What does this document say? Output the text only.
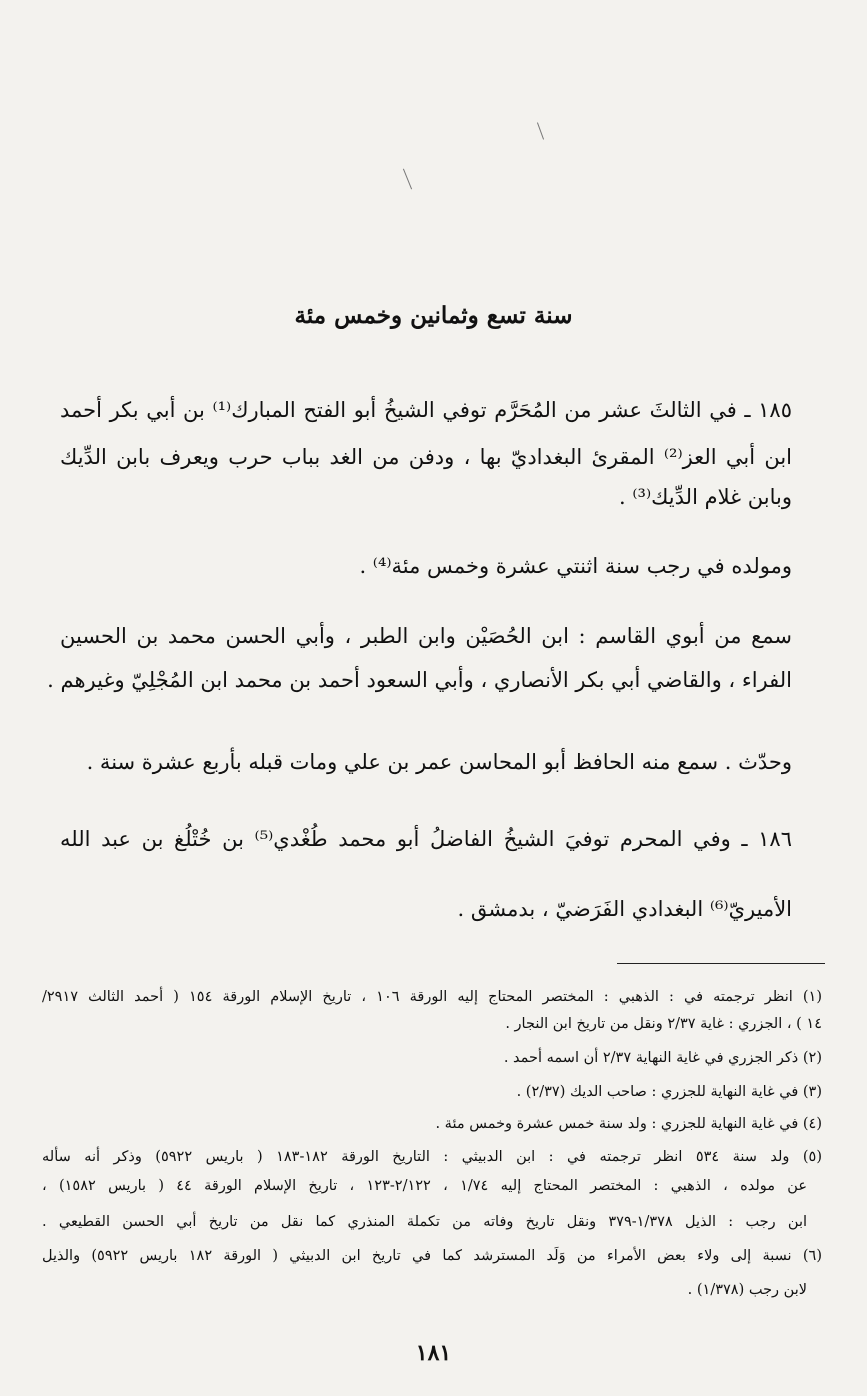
سنة تسع وثمانين وخمس مئة
١٨٥ ـ في الثالثَ عشر من المُحَرَّم توفي الشيخُ أبو الفتح المبارك⁽¹⁾ بن أبي بكر أحمد
ابن أبي العز⁽²⁾ المقرئ البغداديّ بها ، ودفن من الغد بباب حرب ويعرف بابن الدِّيك
وبابن غلام الدِّيك⁽³⁾ .
ومولده في رجب سنة اثنتي عشرة وخمس مئة⁽⁴⁾ .
سمع من أبوي القاسم : ابن الحُصَيْن وابن الطبر ، وأبي الحسن محمد بن الحسين
الفراء ، والقاضي أبي بكر الأنصاري ، وأبي السعود أحمد بن محمد ابن المُجْلِيّ وغيرهم .
وحدّث . سمع منه الحافظ أبو المحاسن عمر بن علي ومات قبله بأربع عشرة سنة .
١٨٦ ـ وفي المحرم توفيَ الشيخُ الفاضلُ أبو محمد طُغْدي⁽⁵⁾ بن خُتْلُغ بن عبد الله
الأميريّ⁽⁶⁾ البغدادي الفَرَضيّ ، بدمشق .
(١) انظر ترجمته في : الذهبي : المختصر المحتاج إليه الورقة ١٠٦ ، تاريخ الإسلام الورقة ١٥٤ ( أحمد الثالث ٢٩١٧/
١٤ ) ، الجزري : غاية ٢/٣٧ ونقل من تاريخ ابن النجار .
(٢) ذكر الجزري في غاية النهاية ٢/٣٧ أن اسمه أحمد .
(٣) في غاية النهاية للجزري : صاحب الديك (٢/٣٧) .
(٤) في غاية النهاية للجزري : ولد سنة خمس عشرة وخمس مئة .
(٥) ولد سنة ٥٣٤ انظر ترجمته في : ابن الدبيثي : التاريخ الورقة ١٨٢-١٨٣ ( باريس ٥٩٢٢) وذكر أنه سأله
عن مولده ، الذهبي : المختصر المحتاج إليه ١/٧٤ ، ٢/١٢٢-١٢٣ ، تاريخ الإسلام الورقة ٤٤ ( باريس ١٥٨٢) ،
ابن رجب : الذيل ١/٣٧٨-٣٧٩ ونقل تاريخ وفاته من تكملة المنذري كما نقل من تاريخ أبي الحسن القطيعي .
(٦) نسبة إلى ولاء بعض الأمراء من وَلَد المسترشد كما في تاريخ ابن الدبيثي ( الورقة ١٨٢ باريس ٥٩٢٢) والذيل
لابن رجب (١/٣٧٨) .
١٨١
